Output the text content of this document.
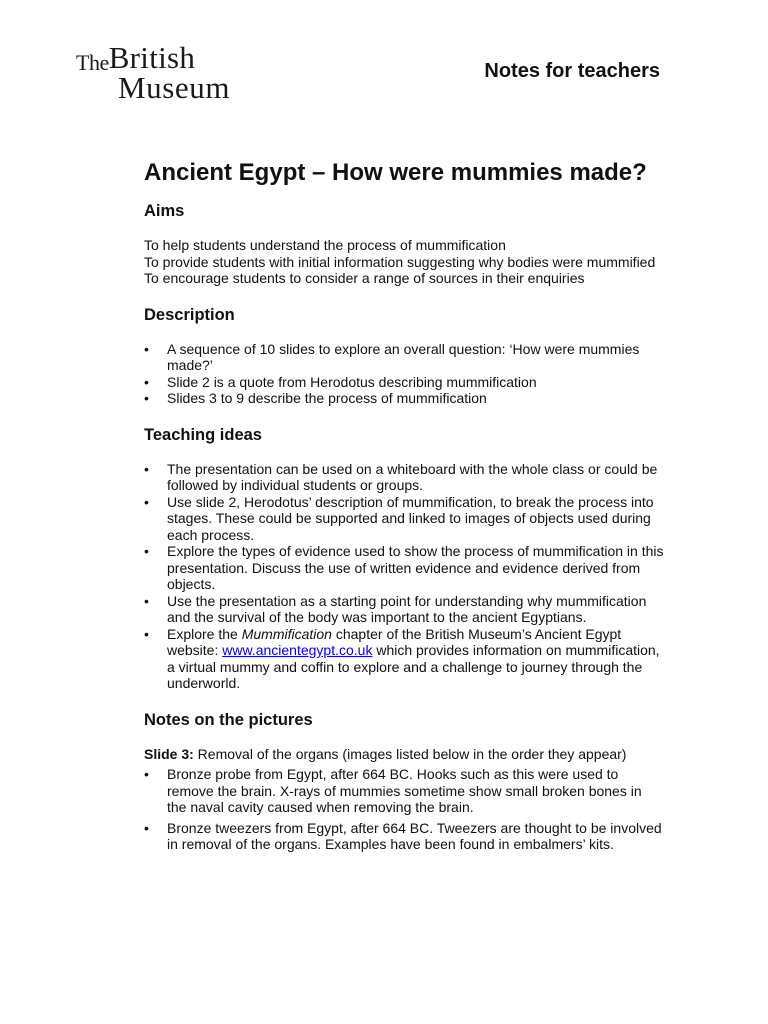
TheBritish
Museum	Notes for teachers
Ancient Egypt – How were mummies made?
Aims

To help students understand the process of mummification

To provide students with initial information suggesting why bodies were mummified

To encourage students to consider a range of sources in their enquiries

Description
• A sequence of 10 slides to explore an overall question: ‘How were mummies made?’
• Slide 2 is a quote from Herodotus describing mummification
• Slides 3 to 9 describe the process of mummification
Teaching ideas
• The presentation can be used on a whiteboard with the whole class or could be followed by individual students or groups.
• Use slide 2, Herodotus’ description of mummification, to break the process into stages. These could be supported and linked to images of objects used during each process.
• Explore the types of evidence used to show the process of mummification in this presentation. Discuss the use of written evidence and evidence derived from objects.
• Use the presentation as a starting point for understanding why mummification and the survival of the body was important to the ancient Egyptians.
• Explore the Mummification chapter of the British Museum’s Ancient Egypt website: www.ancientegypt.co.uk which provides information on mummification, a virtual mummy and coffin to explore and a challenge to journey through the underworld.
Notes on the pictures

Slide 3: Removal of the organs (images listed below in the order they appear)

• Bronze probe from Egypt, after 664 BC. Hooks such as this were used to remove the brain. X-rays of mummies sometime show small broken bones in the naval cavity caused when removing the brain.
• Bronze tweezers from Egypt, after 664 BC. Tweezers are thought to be involved in removal of the organs. Examples have been found in embalmers’ kits.
